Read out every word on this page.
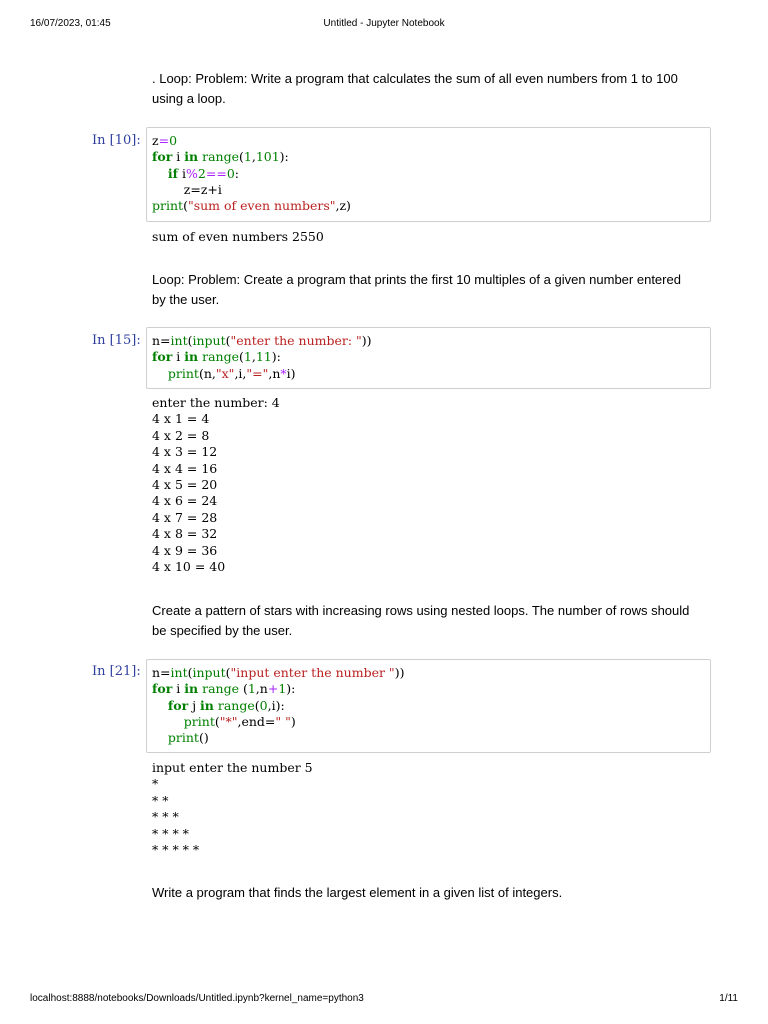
16/07/2023, 01:45	Untitled - Jupyter Notebook
. Loop: Problem: Write a program that calculates the sum of all even numbers from 1 to 100
using a loop.
In [10]: z=0
for i in range(1,101):
if i%2==0:
z=z+i
print("sum of even numbers",z)
sum of even numbers 2550
Loop: Problem: Create a program that prints the first 10 multiples of a given number entered
by the user.
In [15]: n=int(input("enter the number: "))
for i in range(1,11):
print(n,"x",i,"=",n*i)
enter the number: 4
4 x 1 = 4
4 x 2 = 8
4 x 3 = 12
4 x 4 = 16
4 x 5 = 20
4 x 6 = 24
4 x 7 = 28
4 x 8 = 32
4 x 9 = 36
4 x 10 = 40
Create a pattern of stars with increasing rows using nested loops. The number of rows should
be specified by the user.
In [21]: n=int(input("input enter the number "))
for i in range (1,n+1):
for j in range(0,i):
print("*",end=" ")
print()
input enter the number 5
*
* *
* * *
* * * *
* * * * *
Write a program that finds the largest element in a given list of integers.
localhost:8888/notebooks/Downloads/Untitled.ipynb?kernel_name=python3	1/11
